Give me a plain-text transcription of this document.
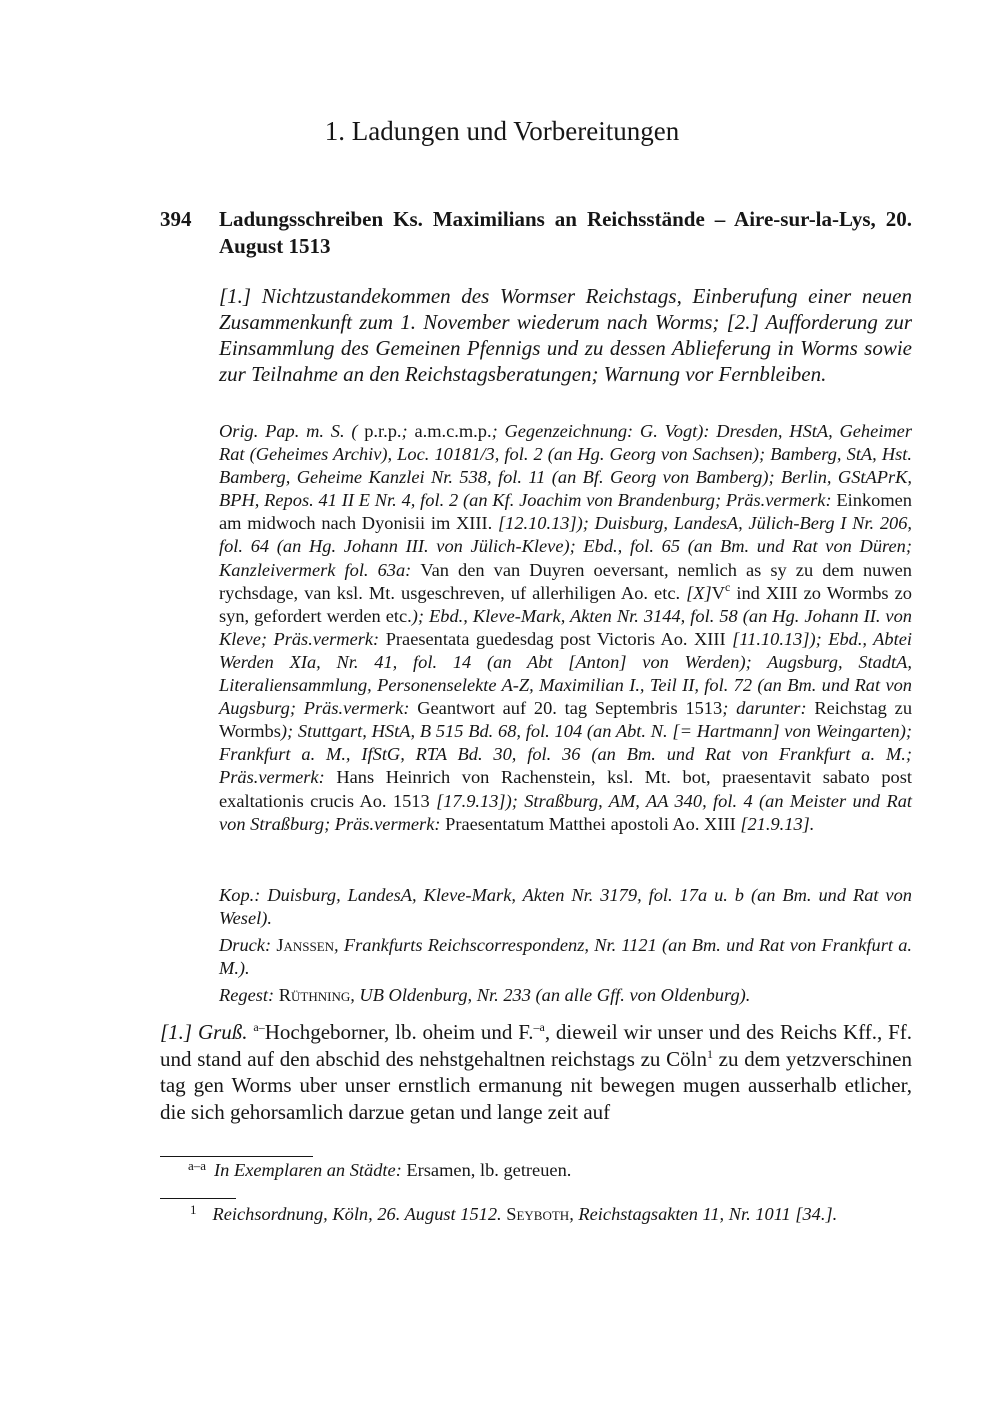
1. Ladungen und Vorbereitungen
394 Ladungsschreiben Ks. Maximilians an Reichsstände – Aire-sur-la-Lys, 20. August 1513

[1.] Nichtzustandekommen des Wormser Reichstags, Einberufung einer neuen Zusammenkunft zum 1. November wiederum nach Worms; [2.] Aufforderung zur Einsammlung des Gemeinen Pfennigs und zu dessen Ablieferung in Worms sowie zur Teilnahme an den Reichstagsberatungen; Warnung vor Fernbleiben.

Orig. Pap. m. S. ( p.r.p.; a.m.c.m.p.; Gegenzeichnung: G. Vogt): Dresden, HStA, Geheimer Rat (Geheimes Archiv), Loc. 10181/3, fol. 2 (an Hg. Georg von Sachsen); Bamberg, StA, Hst. Bamberg, Geheime Kanzlei Nr. 538, fol. 11 (an Bf. Georg von Bamberg); Berlin, GStAPrK, BPH, Repos. 41 II E Nr. 4, fol. 2 (an Kf. Joachim von Brandenburg; Präs.vermerk: Einkomen am midwoch nach Dyonisii im XIII. [12.10.13]); Duisburg, LandesA, Jülich-Berg I Nr. 206, fol. 64 (an Hg. Johann III. von Jülich-Kleve); Ebd., fol. 65 (an Bm. und Rat von Düren; Kanzleivermerk fol. 63a: Van den van Duyren oeversant, nemlich as sy zu dem nuwen rychsdage, van ksl. Mt. usgeschreven, uf allerhiligen Ao. etc. $[X]V^c$ ind XIII zo Wormbs zo syn, gefordert werden etc.); Ebd., Kleve-Mark, Akten Nr. 3144, fol. 58 (an Hg. Johann II. von Kleve; Präs.vermerk: Praesentata guedesdag post Victoris Ao. XIII [11.10.13]); Ebd., Abtei Werden XIa, Nr. 41, fol. 14 (an Abt [Anton] von Werden); Augsburg, StadtA, Literaliensammlung, Personenselekte A-Z, Maximilian I., Teil II, fol. 72 (an Bm. und Rat von Augsburg; Präs.vermerk: Geantwort auf 20. tag Septembris 1513; darunter: Reichstag zu Wormbs); Stuttgart, HStA, B 515 Bd. 68, fol. 104 (an Abt. N. [= Hartmann] von Weingarten); Frankfurt a. M., IfStG, RTA Bd. 30, fol. 36 (an Bm. und Rat von Frankfurt a. M.; Präs.vermerk: Hans Heinrich von Rachenstein, ksl. Mt. bot, praesentavit sabato post exaltationis crucis Ao. 1513 [17.9.13]); Straßburg, AM, AA 340, fol. 4 (an Meister und Rat von Straßburg; Präs.vermerk: Praesentatum Matthei apostoli Ao. XIII [21.9.13].

Kop.: Duisburg, LandesA, Kleve-Mark, Akten Nr. 3179, fol. 17a u. b (an Bm. und Rat von Wesel).

Druck: Janssen, Frankfurts Reichscorrespondenz, Nr. 1121 (an Bm. und Rat von Frankfurt a. M.).

Regest: Rüthning, UB Oldenburg, Nr. 233 (an alle Gff. von Oldenburg).

[1.] Gruß. $^{a-}$Hochgeborner, lb. oheim und F.$^{-a}$, dieweil wir unser und des Reichs Kff., Ff. und stand auf den abschid des nehstgehaltnen reichstags zu Cöln$^1$ zu dem yetzverschinen tag gen Worms uber unser ernstlich ermanung nit bewegen mugen ausserhalb etlicher, die sich gehorsamlich darzue getan und lange zeit auf

$^{a-a}$ In Exemplaren an Städte: Ersamen, lb. getreuen.

$^1$ Reichsordnung, Köln, 26. August 1512. Seyboth, Reichstagsakten 11, Nr. 1011 [34.].
